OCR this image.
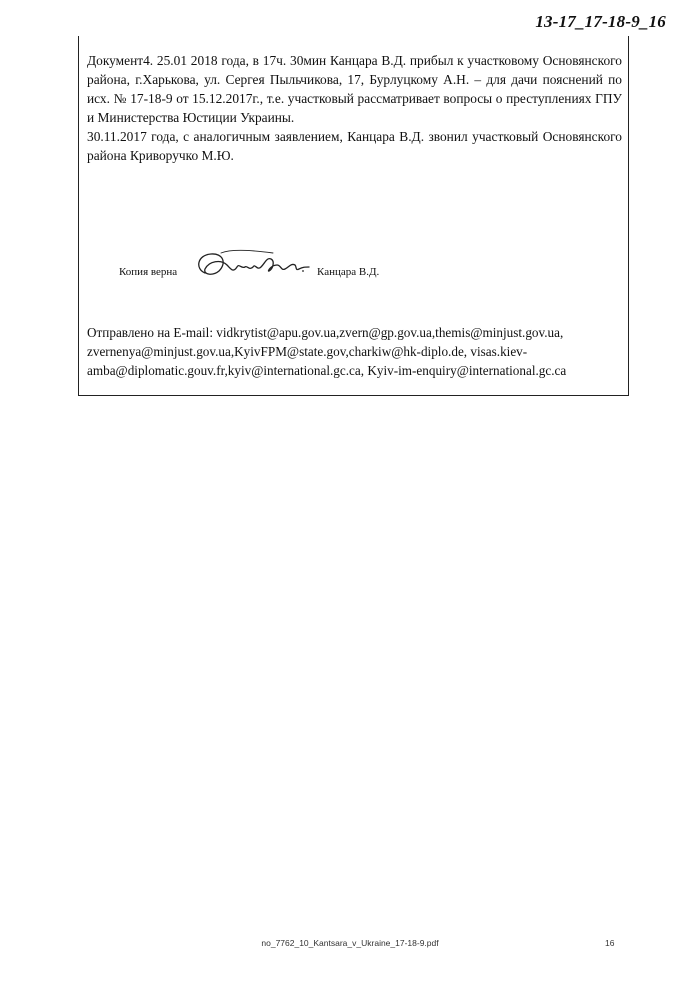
13-17_17-18-9_16

Документ4. 25.01 2018 года, в 17ч. 30мин Канцара В.Д. прибыл к участковому Основянского района, г.Харькова, ул. Сергея Пыльчикова, 17, Бурлуцкому А.Н. – для дачи пояснений по исх. № 17-18-9 от 15.12.2017г., т.е. участковый рассматривает вопросы о преступлениях ГПУ и Министерства Юстиции Украины.

30.11.2017 года, с аналогичным заявлением, Канцара В.Д. звонил участковый Основянского района Криворучко М.Ю.

Копия верна	Канцара В.Д.

Отправлено на E-mail: vidkrytist@apu.gov.ua,zvern@gp.gov.ua,themis@minjust.gov.ua, zvernenya@minjust.gov.ua,KyivFPM@state.gov,charkiw@hk-diplo.de, visas.kiev-amba@diplomatic.gouv.fr,kyiv@international.gc.ca, Kyiv-im-enquiry@international.gc.ca

no_7762_10_Kantsara_v_Ukraine_17-18-9.pdf	16
